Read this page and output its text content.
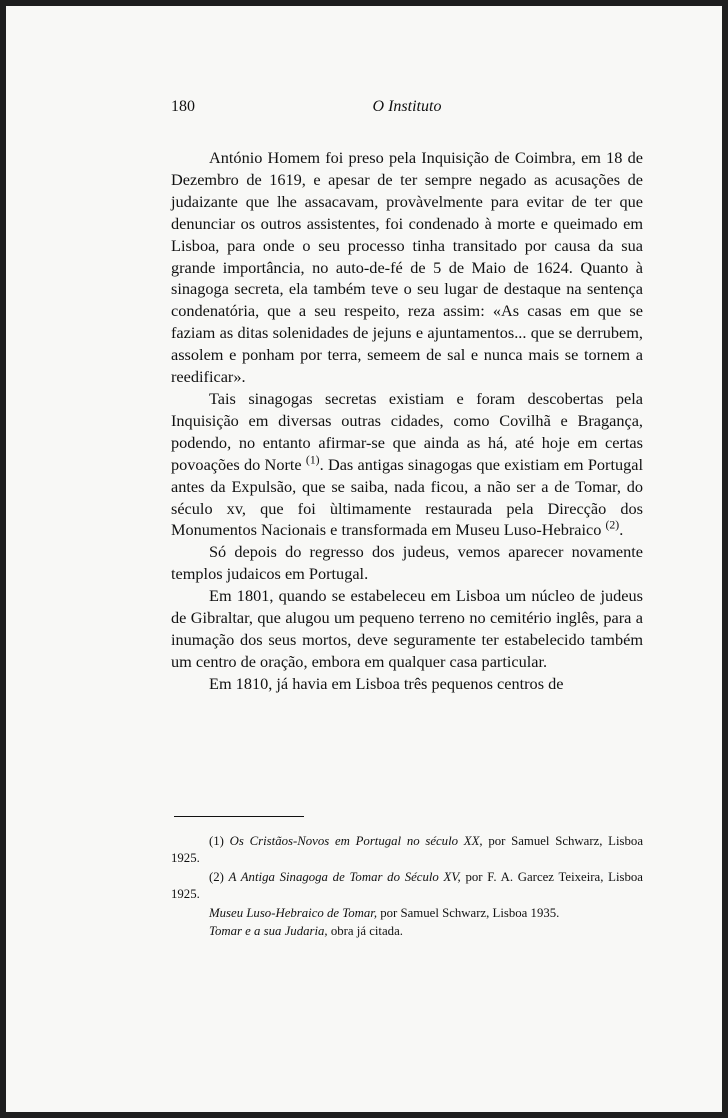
180	O Instituto

António Homem foi preso pela Inquisição de Coimbra, em 18 de Dezembro de 1619, e apesar de ter sempre negado as acusações de judaizante que lhe assacavam, provàvelmente para evitar de ter que denunciar os outros assistentes, foi condenado à morte e queimado em Lisboa, para onde o seu processo tinha transitado por causa da sua grande importância, no auto-de-fé de 5 de Maio de 1624. Quanto à sinagoga secreta, ela também teve o seu lugar de destaque na sentença condenatória, que a seu respeito, reza assim: «As casas em que se faziam as ditas solenidades de jejuns e ajuntamentos... que se derrubem, assolem e ponham por terra, semeem de sal e nunca mais se tornem a reedificar».

Tais sinagogas secretas existiam e foram descobertas pela Inquisição em diversas outras cidades, como Covilhã e Bragança, podendo, no entanto afirmar-se que ainda as há, até hoje em certas povoações do Norte $^{(1)}$. Das antigas sinagogas que existiam em Portugal antes da Expulsão, que se saiba, nada ficou, a não ser a de Tomar, do século xv, que foi ùltimamente restaurada pela Direcção dos Monumentos Nacionais e transformada em Museu Luso-Hebraico $^{(2)}$.

Só depois do regresso dos judeus, vemos aparecer novamente templos judaicos em Portugal.

Em 1801, quando se estabeleceu em Lisboa um núcleo de judeus de Gibraltar, que alugou um pequeno terreno no cemitério inglês, para a inumação dos seus mortos, deve seguramente ter estabelecido também um centro de oração, embora em qualquer casa particular.

Em 1810, já havia em Lisboa três pequenos centros de

(1) Os Cristãos-Novos em Portugal no século XX, por Samuel Schwarz, Lisboa 1925.

(2) A Antiga Sinagoga de Tomar do Século XV, por F. A. Garcez Teixeira, Lisboa 1925.

Museu Luso-Hebraico de Tomar, por Samuel Schwarz, Lisboa 1935.

Tomar e a sua Judaria, obra já citada.
